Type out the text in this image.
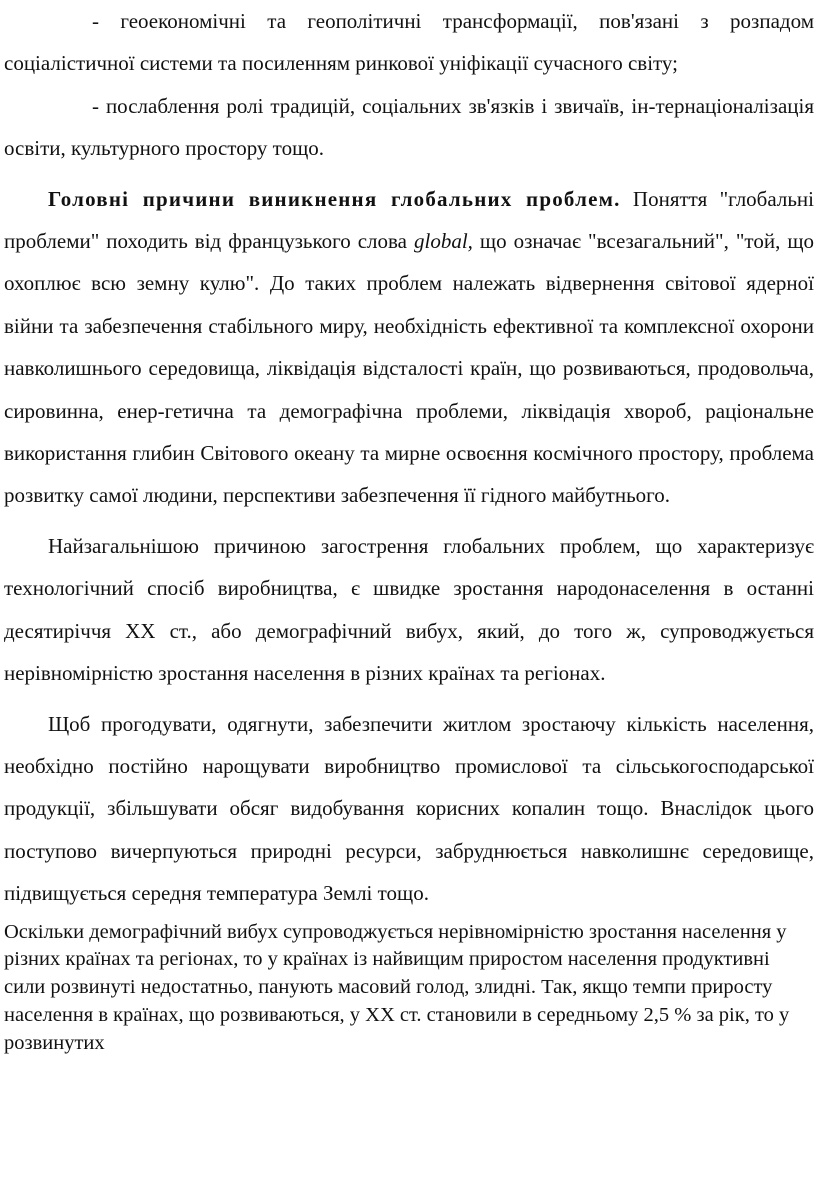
- геоекономічні та геополітичні трансформації, пов'язані з розпадом соціалістичної системи та посиленням ринкової уніфікації сучасного світу;

- послаблення ролі традицій, соціальних зв'язків і звичаїв, ін-тернаціоналізація освіти, культурного простору тощо.

Головні причини виникнення глобальних проблем. Поняття "глобальні проблеми" походить від французького слова global, що означає "всезагальний", "той, що охоплює всю земну кулю". До таких проблем належать відвернення світової ядерної війни та забезпечення стабільного миру, необхідність ефективної та комплексної охорони навколишнього середовища, ліквідація відсталості країн, що розвиваються, продовольча, сировинна, енер-гетична та демографічна проблеми, ліквідація хвороб, раціональне використання глибин Світового океану та мирне освоєння космічного простору, проблема розвитку самої людини, перспективи забезпечення її гідного майбутнього.

Найзагальнішою причиною загострення глобальних проблем, що характеризує технологічний спосіб виробництва, є швидке зростання народонаселення в останні десятиріччя XX ст., або демографічний вибух, який, до того ж, супроводжується нерівномірністю зростання населення в різних країнах та регіонах.

Щоб прогодувати, одягнути, забезпечити житлом зростаючу кількість населення, необхідно постійно нарощувати виробництво промислової та сільськогосподарської продукції, збільшувати обсяг видобування корисних копалин тощо. Внаслідок цього поступово вичерпуються природні ресурси, забруднюється навколишнє середовище, підвищується середня температура Землі тощо.

Оскільки демографічний вибух супроводжується нерівномірністю зростання населення у різних країнах та регіонах, то у країнах із найвищим приростом населення продуктивні сили розвинуті недостатньо, панують масовий голод, злидні. Так, якщо темпи приросту населення в країнах, що розвиваються, у XX ст. становили в середньому 2,5 % за рік, то у розвинутих
